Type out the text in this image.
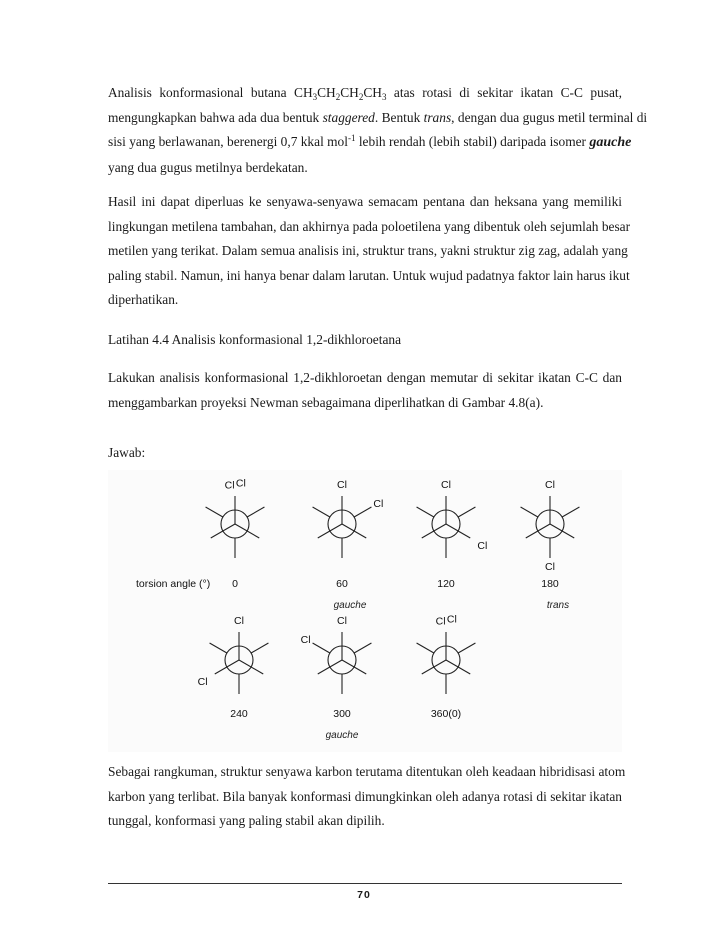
Analisis konformasional butana $CH_3CH_2CH_2CH_3$ atas rotasi di sekitar ikatan C-C pusat,
mengungkapkan bahwa ada dua bentuk staggered. Bentuk trans, dengan dua gugus metil terminal di
sisi yang berlawanan, berenergi 0,7 kkal mol$^{-1}$ lebih rendah (lebih stabil) daripada isomer gauche
yang dua gugus metilnya berdekatan.
Hasil ini dapat diperluas ke senyawa-senyawa semacam pentana dan heksana yang memiliki
lingkungan metilena tambahan, dan akhirnya pada poloetilena yang dibentuk oleh sejumlah besar
metilen yang terikat. Dalam semua analisis ini, struktur trans, yakni struktur zig zag, adalah yang
paling stabil. Namun, ini hanya benar dalam larutan. Untuk wujud padatnya faktor lain harus ikut
diperhatikan.
Latihan 4.4 Analisis konformasional 1,2-dikhloroetana
Lakukan analisis konformasional 1,2-dikhloroetan dengan memutar di sekitar ikatan C-C dan
menggambarkan proyeksi Newman sebagaimana diperlihatkan di Gambar 4.8(a).
Jawab:
Cl Cl	Cl
Cl
Cl
Cl
Cl
Cl
Cl
Cl
Cl
Cl
Cl Cl
torsion angle (°) 0	60	120	180
gauche	trans
240	300	360(0)
gauche
Sebagai rangkuman, struktur senyawa karbon terutama ditentukan oleh keadaan hibridisasi atom
karbon yang terlibat. Bila banyak konformasi dimungkinkan oleh adanya rotasi di sekitar ikatan
tunggal, konformasi yang paling stabil akan dipilih.
70
